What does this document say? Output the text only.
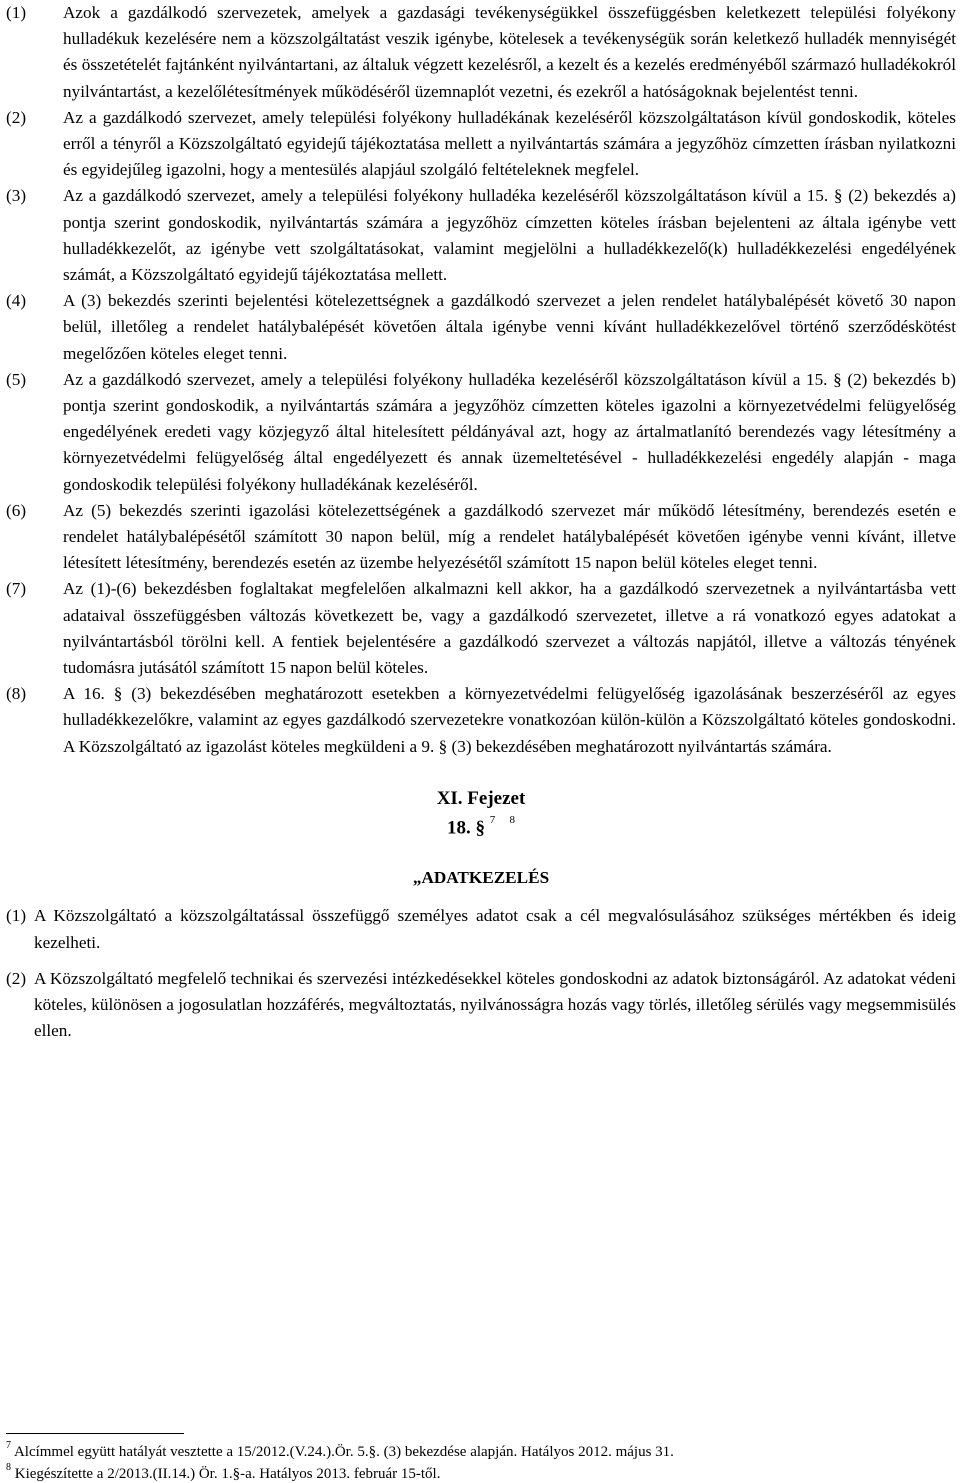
(1)	Azok a gazdálkodó szervezetek, amelyek a gazdasági tevékenységükkel összefüggésben keletkezett települési folyékony hulladékuk kezelésére nem a közszolgáltatást veszik igénybe, kötelesek a tevékenységük során keletkező hulladék mennyiségét és összetételét fajtánként nyilvántartani, az általuk végzett kezelésről, a kezelt és a kezelés eredményéből származó hulladékokról nyilvántartást, a kezelőlétesítmények működéséről üzemnaplót vezetni, és ezekről a hatóságoknak bejelentést tenni.
(2)	Az a gazdálkodó szervezet, amely települési folyékony hulladékának kezeléséről közszolgáltatáson kívül gondoskodik, köteles erről a tényről a Közszolgáltató egyidejű tájékoztatása mellett a nyilvántartás számára a jegyzőhöz címzetten írásban nyilatkozni és egyidejűleg igazolni, hogy a mentesülés alapjául szolgáló feltételeknek megfelel.
(3)	Az a gazdálkodó szervezet, amely a települési folyékony hulladéka kezeléséről közszolgáltatáson kívül a 15. § (2) bekezdés a) pontja szerint gondoskodik, nyilvántartás számára a jegyzőhöz címzetten köteles írásban bejelenteni az általa igénybe vett hulladékkezelőt, az igénybe vett szolgáltatásokat, valamint megjelölni a hulladékkezelő(k) hulladékkezelési engedélyének számát, a Közszolgáltató egyidejű tájékoztatása mellett.
(4)	A (3) bekezdés szerinti bejelentési kötelezettségnek a gazdálkodó szervezet a jelen rendelet hatálybalépését követő 30 napon belül, illetőleg a rendelet hatálybalépését követően általa igénybe venni kívánt hulladékkezelővel történő szerződéskötést megelőzően köteles eleget tenni.
(5)	Az a gazdálkodó szervezet, amely a települési folyékony hulladéka kezeléséről közszolgáltatáson kívül a 15. § (2) bekezdés b) pontja szerint gondoskodik, a nyilvántartás számára a jegyzőhöz címzetten köteles igazolni a környezetvédelmi felügyelőség engedélyének eredeti vagy közjegyző által hitelesített példányával azt, hogy az ártalmatlanító berendezés vagy létesítmény a környezetvédelmi felügyelőség által engedélyezett és annak üzemeltetésével - hulladékkezelési engedély alapján - maga gondoskodik települési folyékony hulladékának kezeléséről.
(6)	Az (5) bekezdés szerinti igazolási kötelezettségének a gazdálkodó szervezet már működő létesítmény, berendezés esetén e rendelet hatálybalépésétől számított 30 napon belül, míg a rendelet hatálybalépését követően igénybe venni kívánt, illetve létesített létesítmény, berendezés esetén az üzembe helyezésétől számított 15 napon belül köteles eleget tenni.
(7)	Az (1)-(6) bekezdésben foglaltakat megfelelően alkalmazni kell akkor, ha a gazdálkodó szervezetnek a nyilvántartásba vett adataival összefüggésben változás következett be, vagy a gazdálkodó szervezetet, illetve a rá vonatkozó egyes adatokat a nyilvántartásból törölni kell. A fentiek bejelentésére a gazdálkodó szervezet a változás napjától, illetve a változás tényének tudomásra jutásától számított 15 napon belül köteles.
(8)	A 16. § (3) bekezdésében meghatározott esetekben a környezetvédelmi felügyelőség igazolásának beszerzéséről az egyes hulladékkezelőkre, valamint az egyes gazdálkodó szervezetekre vonatkozóan külön-külön a Közszolgáltató köteles gondoskodni. A Közszolgáltató az igazolást köteles megküldeni a 9. § (3) bekezdésében meghatározott nyilvántartás számára.
XI. Fejezet
18. § $^7$ $^8$
„ADATKEZELÉS
(1) A Közszolgáltató a közszolgáltatással összefüggő személyes adatot csak a cél megvalósulásához szükséges mértékben és ideig kezelheti.
(2) A Közszolgáltató megfelelő technikai és szervezési intézkedésekkel köteles gondoskodni az adatok biztonságáról. Az adatokat védeni köteles, különösen a jogosulatlan hozzáférés, megváltoztatás, nyilvánosságra hozás vagy törlés, illetőleg sérülés vagy megsemmisülés ellen.
$^7$ Alcímmel együtt hatályát vesztette a 15/2012.(V.24.).Ör. 5.§. (3) bekezdése alapján. Hatályos 2012. május 31.
$^8$ Kiegészítette a 2/2013.(II.14.) Ör. 1.§-a. Hatályos 2013. február 15-től.
